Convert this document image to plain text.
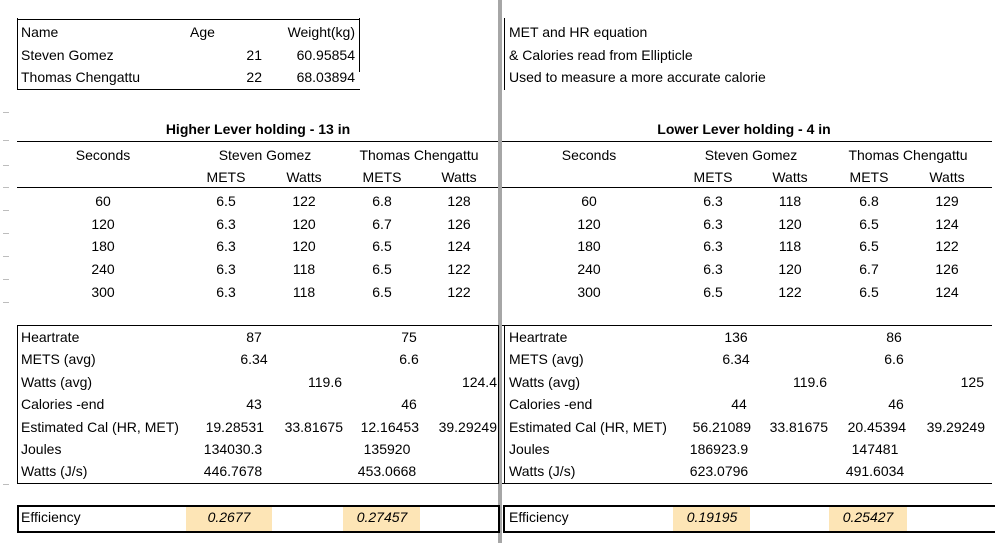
Name	Age	Weight(kg)
Steven Gomez	21 60.95854
Thomas Chengattu	22 68.03894
MET and HR equation
& Calories read from Ellipticle
Used to measure a more accurate calorie
Higher Lever holding - 13 in
Seconds	Steven Gomez	Thomas Chengattu
METS	Watts	METS	Watts
60	6.5	122	6.8	128
120	6.3	120	6.7	126
180	6.3	120	6.5	124
240	6.3	118	6.5	122
300	6.3	118	6.5	122
Heartrate	87	75
METS (avg)	6.34	6.6
Watts (avg)	119.6	124.4
Calories -end	43	46
Estimated Cal (HR, MET) 19.28531 33.81675 12.16453 39.29249
Joules	134030.3	135920
Watts (J/s)	446.7678	453.0668
Efficiency	0.2677	0.27457
Lower Lever holding - 4 in
Seconds	Steven Gomez	Thomas Chengattu
METS	Watts	METS	Watts
60	6.3	118	6.8	129
120	6.3	120	6.5	124
180	6.3	118	6.5	122
240	6.3	120	6.7	126
300	6.5	122	6.5	124
Heartrate	136	86
METS (avg)	6.34	6.6
Watts (avg)	119.6	125
Calories -end	44	46
Estimated Cal (HR, MET) 56.21089 33.81675 20.45394 39.29249
Joules	186923.9	147481
Watts (J/s)	623.0796	491.6034
Efficiency	0.19195	0.25427
